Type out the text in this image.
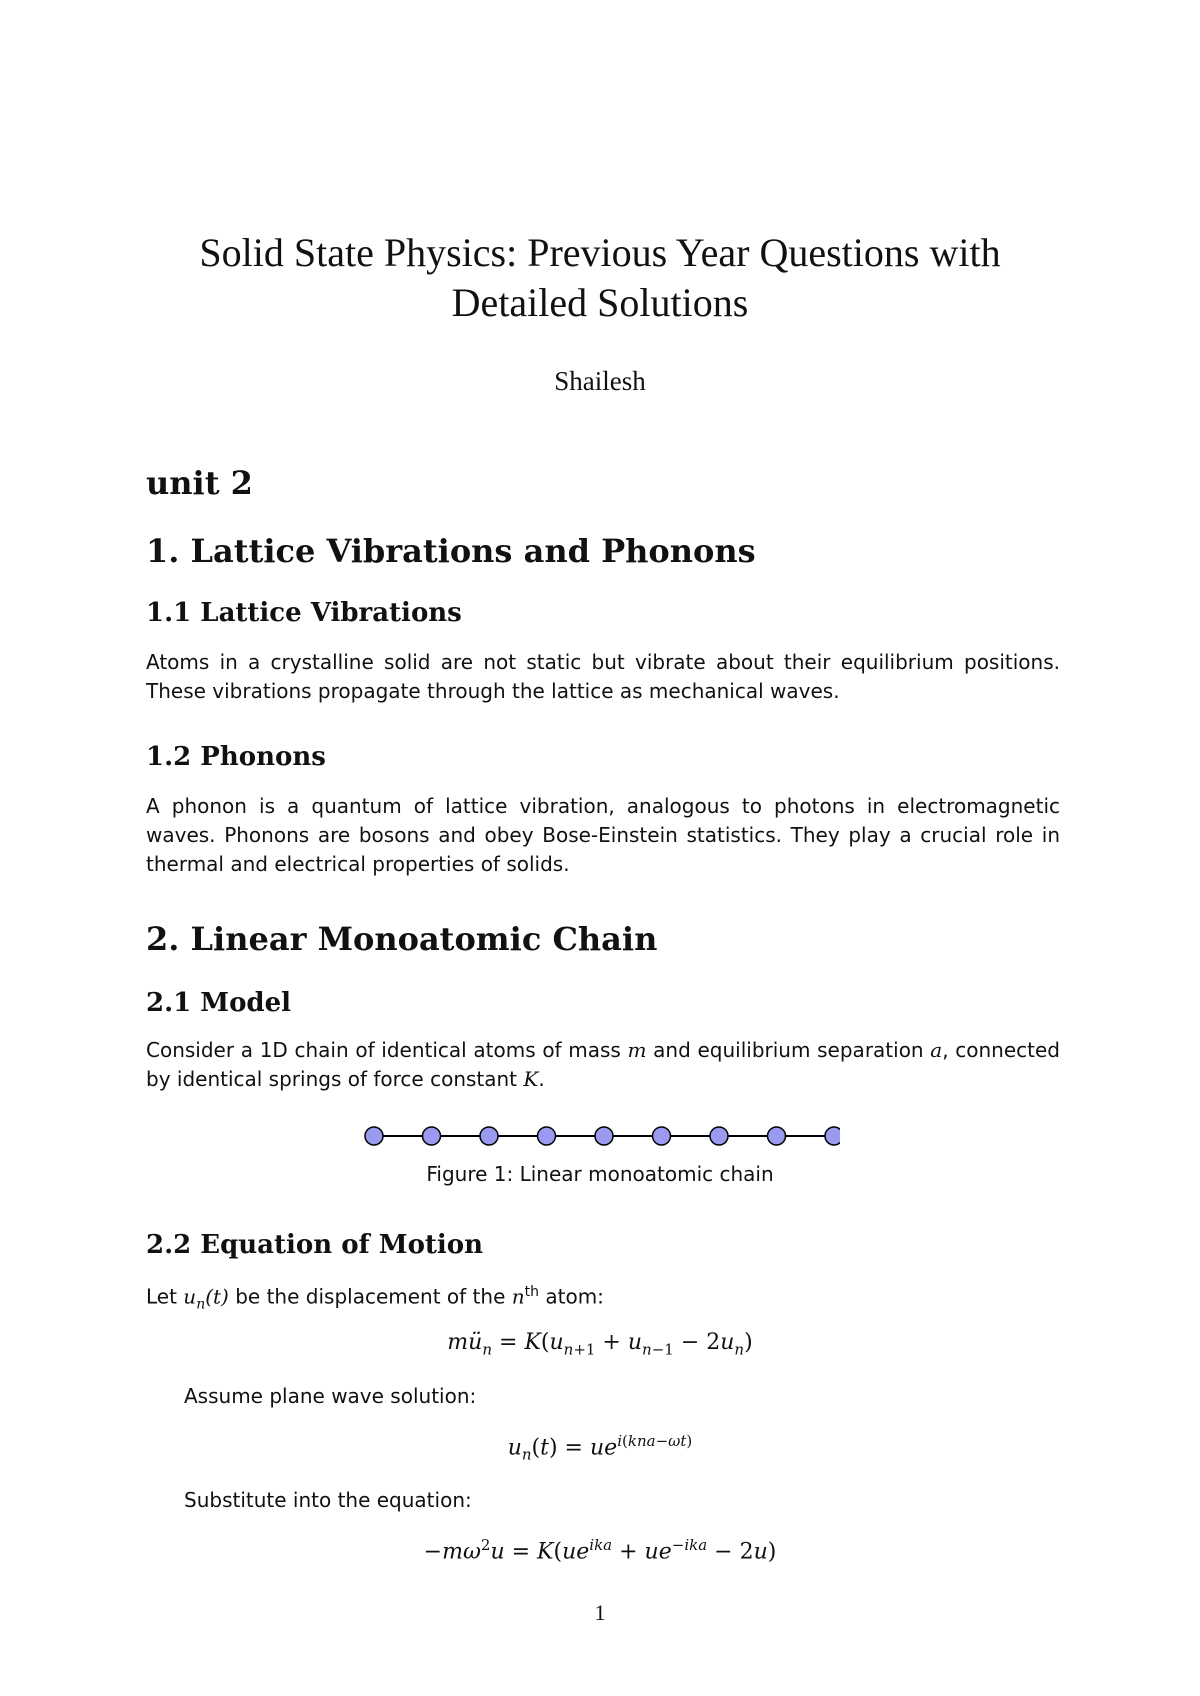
Solid State Physics: Previous Year Questions with
Detailed Solutions
Shailesh
unit 2
1. Lattice Vibrations and Phonons
1.1 Lattice Vibrations
Atoms in a crystalline solid are not static but vibrate about their equilibrium positions. These vibrations propagate through the lattice as mechanical waves.
1.2 Phonons
A phonon is a quantum of lattice vibration, analogous to photons in electromagnetic waves. Phonons are bosons and obey Bose-Einstein statistics. They play a crucial role in thermal and electrical properties of solids.
2. Linear Monoatomic Chain
2.1 Model
Consider a 1D chain of identical atoms of mass m and equilibrium separation a, connected by identical springs of force constant K.
Figure 1: Linear monoatomic chain
2.2 Equation of Motion
Let $u_n(t)$ be the displacement of the $n^{th}$ atom:
$mü_n = K(u_{n+1} + u_{n-1} - 2u_n)$
Assume plane wave solution:
$u_n(t) = ue^{i(kna-\omega t)}$
Substitute into the equation:
$-m\omega^2u = K(ue^{ika} + ue^{-ika} - 2u)$
1
